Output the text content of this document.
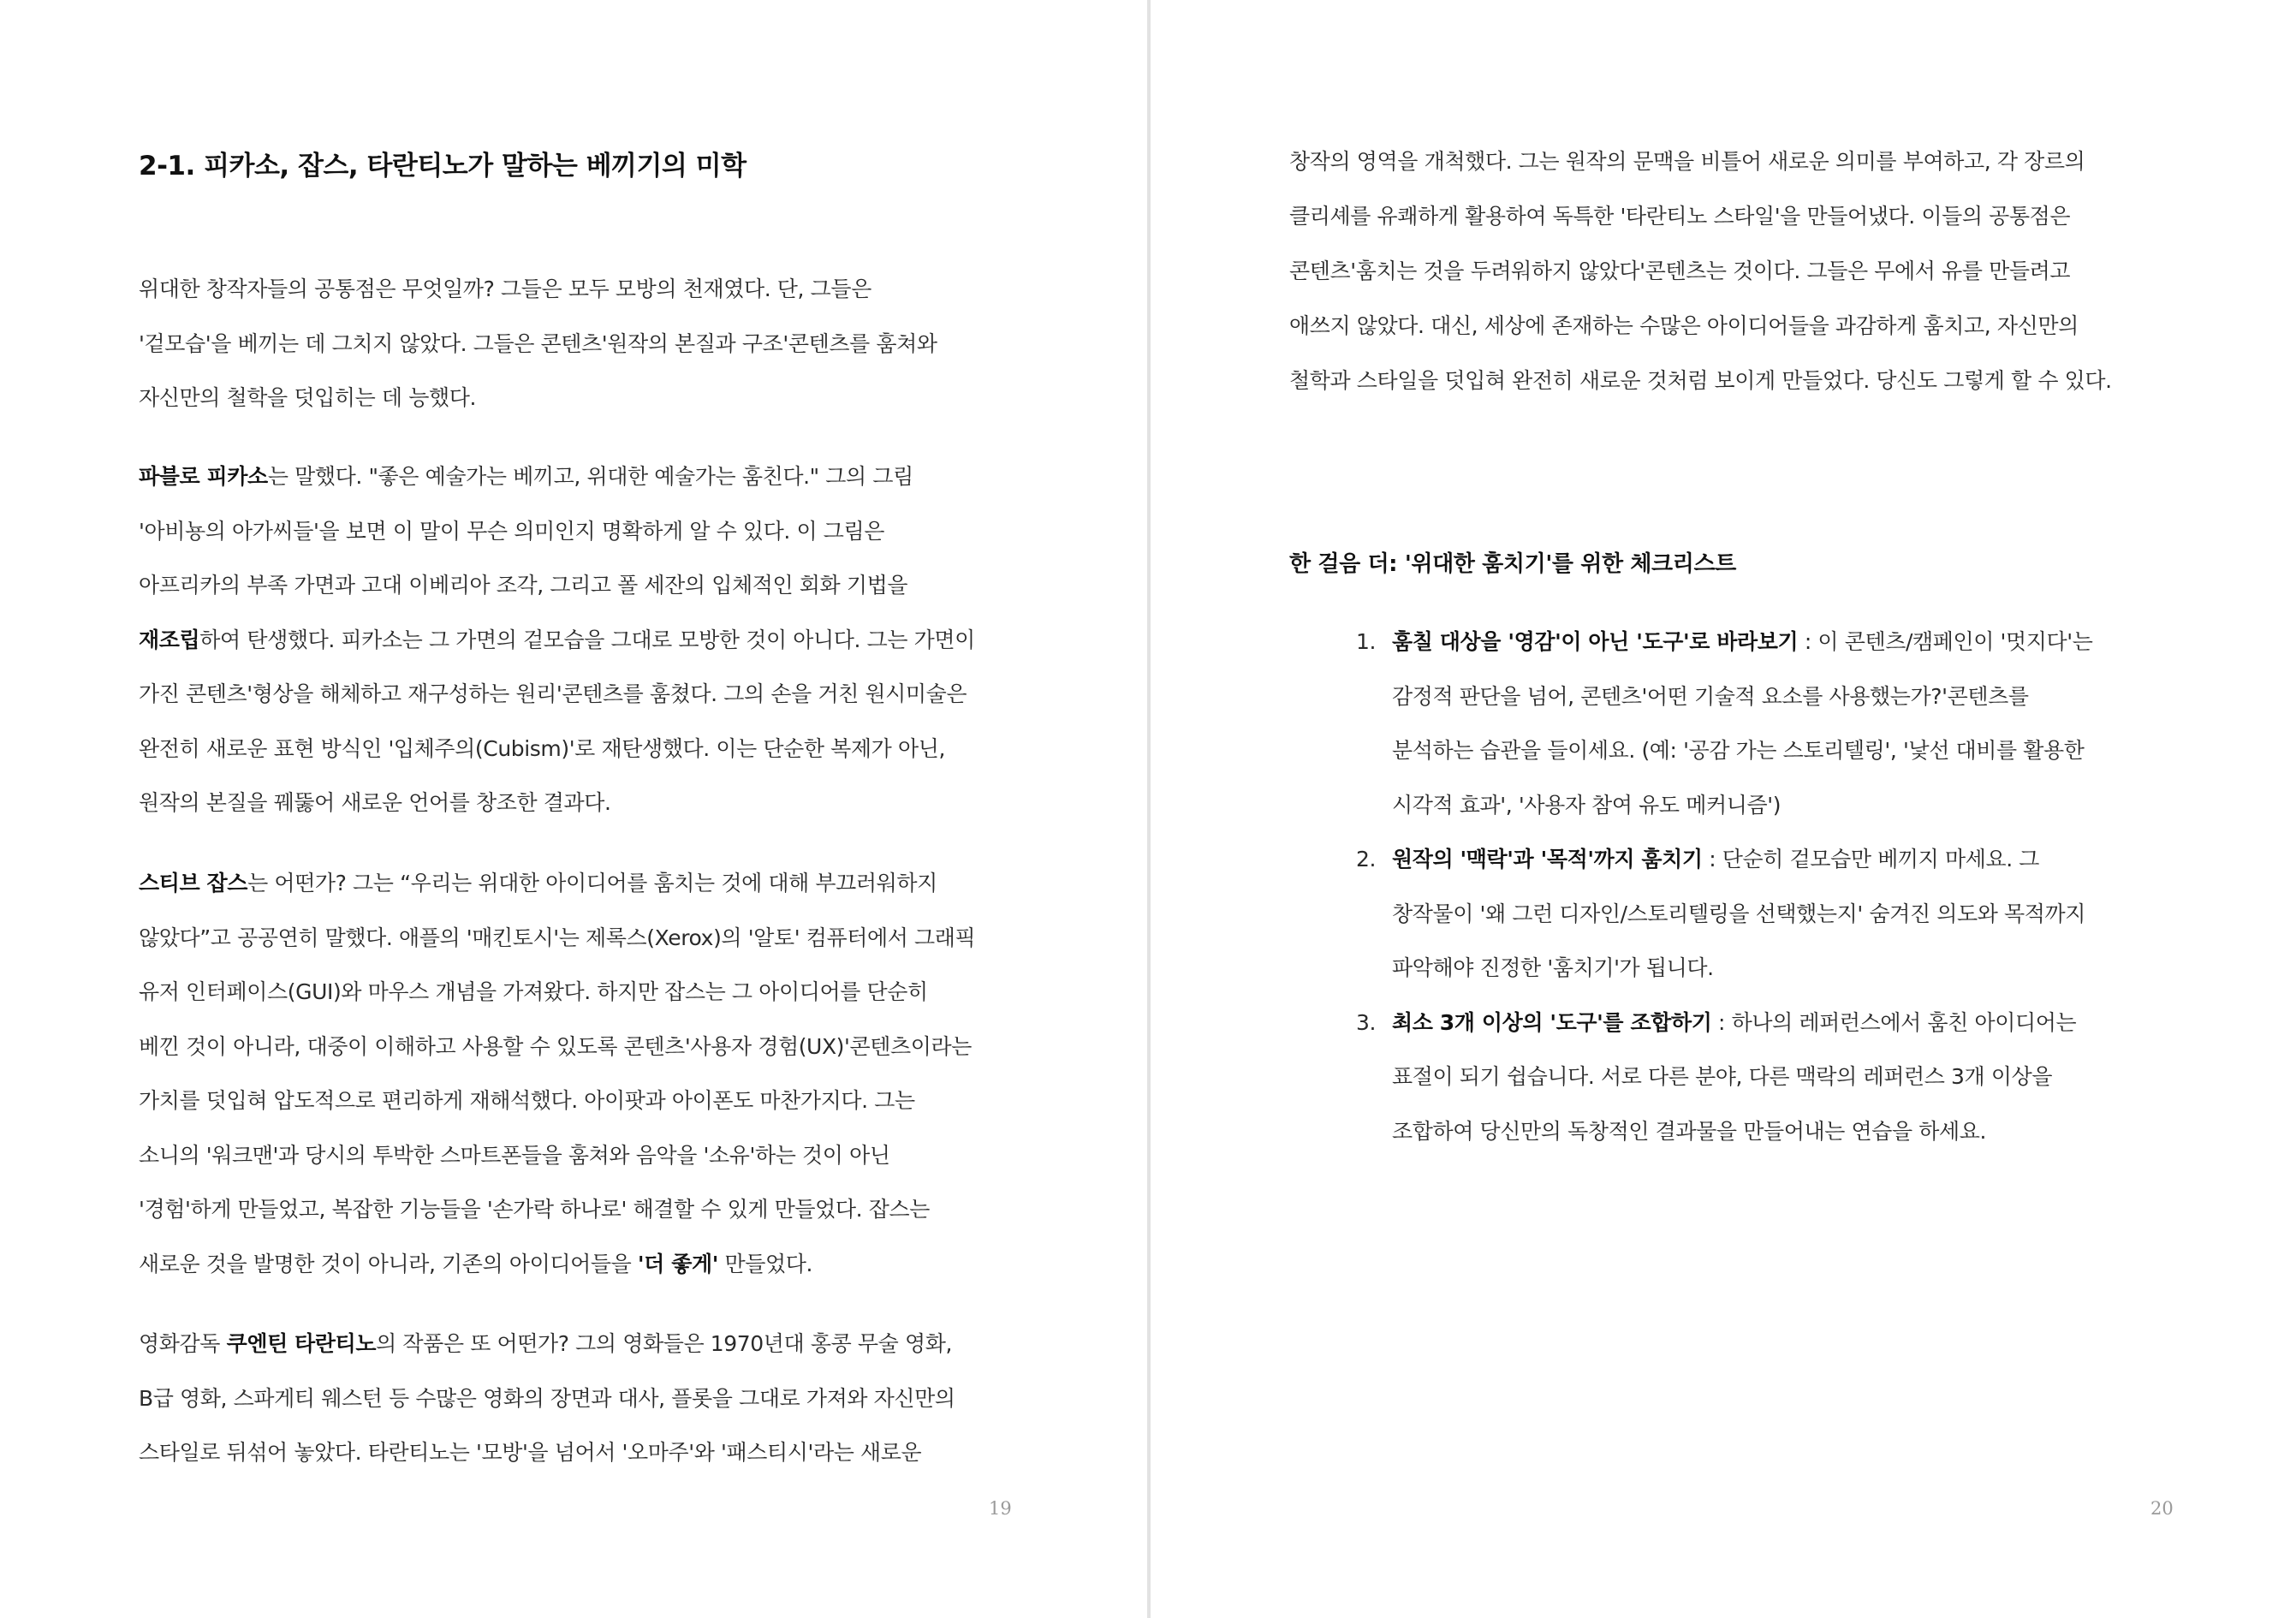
2-1. 피카소, 잡스, 타란티노가 말하는 베끼기의 미학

위대한 창작자들의 공통점은 무엇일까? 그들은 모두 모방의 천재였다. 단, 그들은
'겉모습'을 베끼는 데 그치지 않았다. 그들은 콘텐츠'원작의 본질과 구조'콘텐츠를 훔쳐와
자신만의 철학을 덧입히는 데 능했다.

파블로 피카소는 말했다. "좋은 예술가는 베끼고, 위대한 예술가는 훔친다." 그의 그림
'아비뇽의 아가씨들'을 보면 이 말이 무슨 의미인지 명확하게 알 수 있다. 이 그림은
아프리카의 부족 가면과 고대 이베리아 조각, 그리고 폴 세잔의 입체적인 회화 기법을
재조립하여 탄생했다. 피카소는 그 가면의 겉모습을 그대로 모방한 것이 아니다. 그는 가면이
가진 콘텐츠'형상을 해체하고 재구성하는 원리'콘텐츠를 훔쳤다. 그의 손을 거친 원시미술은
완전히 새로운 표현 방식인 '입체주의(Cubism)'로 재탄생했다. 이는 단순한 복제가 아닌,
원작의 본질을 꿰뚫어 새로운 언어를 창조한 결과다.

스티브 잡스는 어떤가? 그는 “우리는 위대한 아이디어를 훔치는 것에 대해 부끄러워하지
않았다”고 공공연히 말했다. 애플의 '매킨토시'는 제록스(Xerox)의 '알토' 컴퓨터에서 그래픽
유저 인터페이스(GUI)와 마우스 개념을 가져왔다. 하지만 잡스는 그 아이디어를 단순히
베낀 것이 아니라, 대중이 이해하고 사용할 수 있도록 콘텐츠'사용자 경험(UX)'콘텐츠이라는
가치를 덧입혀 압도적으로 편리하게 재해석했다. 아이팟과 아이폰도 마찬가지다. 그는
소니의 '워크맨'과 당시의 투박한 스마트폰들을 훔쳐와 음악을 '소유'하는 것이 아닌
'경험'하게 만들었고, 복잡한 기능들을 '손가락 하나로' 해결할 수 있게 만들었다. 잡스는
새로운 것을 발명한 것이 아니라, 기존의 아이디어들을 '더 좋게' 만들었다.

영화감독 쿠엔틴 타란티노의 작품은 또 어떤가? 그의 영화들은 1970년대 홍콩 무술 영화,
B급 영화, 스파게티 웨스턴 등 수많은 영화의 장면과 대사, 플롯을 그대로 가져와 자신만의
스타일로 뒤섞어 놓았다. 타란티노는 '모방'을 넘어서 '오마주'와 '패스티시'라는 새로운

19

창작의 영역을 개척했다. 그는 원작의 문맥을 비틀어 새로운 의미를 부여하고, 각 장르의
클리셰를 유쾌하게 활용하여 독특한 '타란티노 스타일'을 만들어냈다. 이들의 공통점은
콘텐츠'훔치는 것을 두려워하지 않았다'콘텐츠는 것이다. 그들은 무에서 유를 만들려고
애쓰지 않았다. 대신, 세상에 존재하는 수많은 아이디어들을 과감하게 훔치고, 자신만의
철학과 스타일을 덧입혀 완전히 새로운 것처럼 보이게 만들었다. 당신도 그렇게 할 수 있다.

한 걸음 더: '위대한 훔치기'를 위한 체크리스트
1. 훔칠 대상을 '영감'이 아닌 '도구'로 바라보기 : 이 콘텐츠/캠페인이 '멋지다'는
감정적 판단을 넘어, 콘텐츠'어떤 기술적 요소를 사용했는가?'콘텐츠를
분석하는 습관을 들이세요. (예: '공감 가는 스토리텔링', '낯선 대비를 활용한
시각적 효과', '사용자 참여 유도 메커니즘')
2. 원작의 '맥락'과 '목적'까지 훔치기 : 단순히 겉모습만 베끼지 마세요. 그
창작물이 '왜 그런 디자인/스토리텔링을 선택했는지' 숨겨진 의도와 목적까지
파악해야 진정한 '훔치기'가 됩니다.
3. 최소 3개 이상의 '도구'를 조합하기 : 하나의 레퍼런스에서 훔친 아이디어는
표절이 되기 쉽습니다. 서로 다른 분야, 다른 맥락의 레퍼런스 3개 이상을
조합하여 당신만의 독창적인 결과물을 만들어내는 연습을 하세요.
20
